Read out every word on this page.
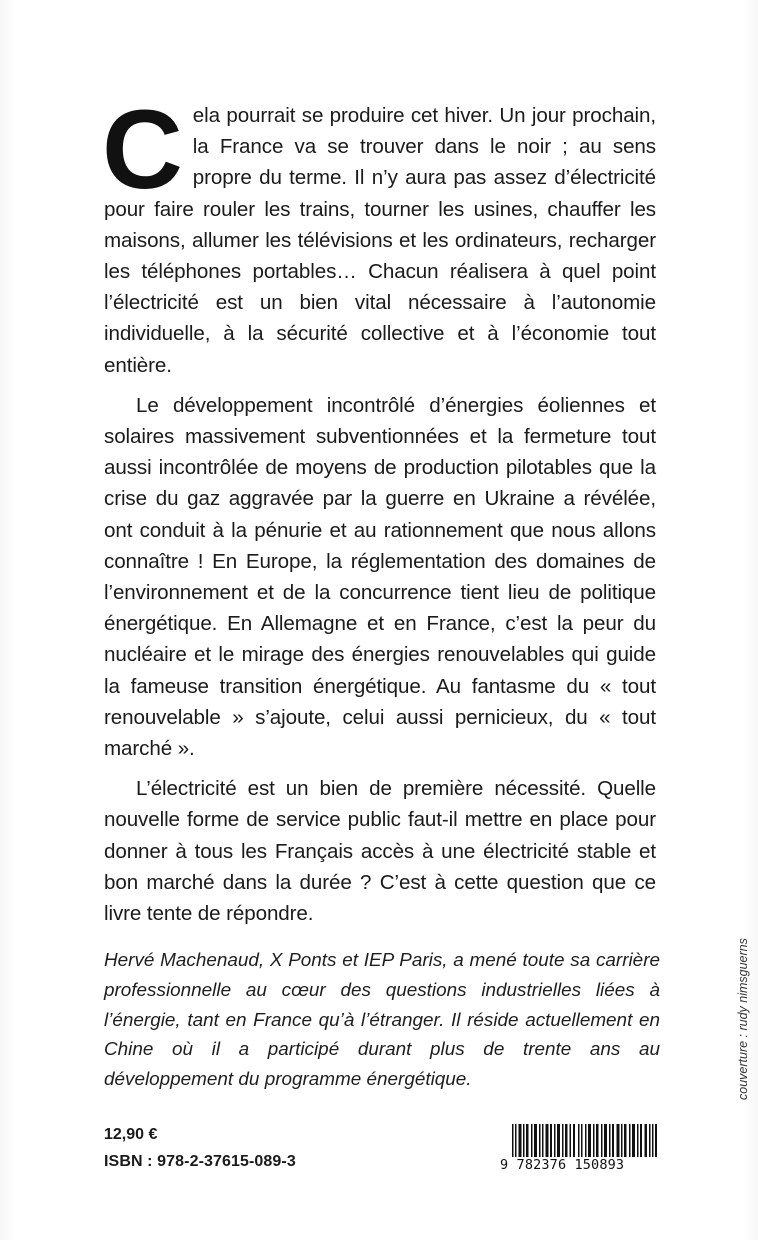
Cela pourrait se produire cet hiver. Un jour prochain, la France va se trouver dans le noir ; au sens propre du terme. Il n’y aura pas assez d’électricité pour faire rouler les trains, tourner les usines, chauffer les maisons, allumer les télévisions et les ordinateurs, recharger les téléphones portables… Chacun réalisera à quel point l’électricité est un bien vital nécessaire à l’autonomie individuelle, à la sécurité collective et à l’économie tout entière.

Le développement incontrôlé d’énergies éoliennes et solaires massivement subventionnées et la fermeture tout aussi incontrôlée de moyens de production pilotables que la crise du gaz aggravée par la guerre en Ukraine a révélée, ont conduit à la pénurie et au rationnement que nous allons connaître ! En Europe, la réglementation des domaines de l’environnement et de la concurrence tient lieu de politique énergétique. En Allemagne et en France, c’est la peur du nucléaire et le mirage des énergies renouvelables qui guide la fameuse transition énergétique. Au fantasme du « tout renouvelable » s’ajoute, celui aussi pernicieux, du « tout marché ».

L’électricité est un bien de première nécessité. Quelle nouvelle forme de service public faut-il mettre en place pour donner à tous les Français accès à une électricité stable et bon marché dans la durée ? C’est à cette question que ce livre tente de répondre.

Hervé Machenaud, X Ponts et IEP Paris, a mené toute sa carrière professionnelle au cœur des questions industrielles liées à l’énergie, tant en France qu’à l’étranger. Il réside actuellement en Chine où il a participé durant plus de trente ans au développement du programme énergétique.
12,90 €
ISBN : 978-2-37615-089-3	9 782376 150893
couverture : rudy nimsguerns
